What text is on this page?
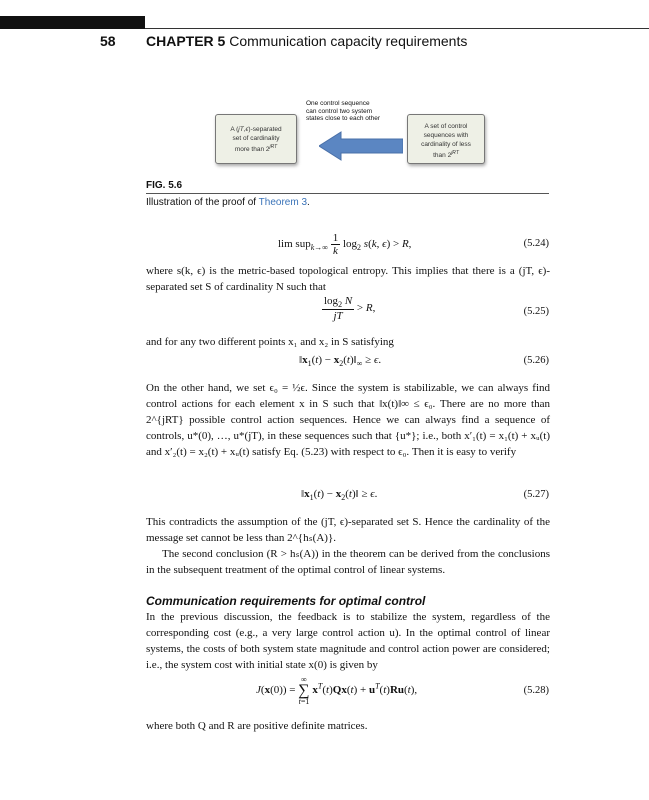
58 CHAPTER 5 Communication capacity requirements
A (jT,ϵ)-separated
set of cardinality
more than $2^{jRT}$
One control sequence
can control two system
states close to each other
A set of control
sequences with
cardinality of less
than $2^{jRT}$
FIG. 5.6
Illustration of the proof of Theorem 3.
$\lim sup_{k\to\infty} \frac{1}{k} \log_2 s(k$, ϵ) > R,	(5.24)
where s(k, ϵ) is the metric-based topological entropy. This implies that there is a (jT, ϵ)-separated set S of cardinality N such that
$\frac{\log_2 N}{jT} > R$,	(5.25)
and for any two different points x₁ and x₂ in S satisfying
$‖x_1(t)$ − $x_2(t)‖_\infty \ge \epsilon$.	(5.26)
On the other hand, we set ϵ₀ = ½ϵ. Since the system is stabilizable, we can always find control actions for each element x in S such that ‖x(t)‖∞ ≤ ϵ₀. There are no more than 2^{jRT} possible control action sequences. Hence we can always find a sequence of controls, u*(0), …, u*(jT), in these sequences such that {u*}; i.e., both x′₁(t) = x₁(t) + xᵤ(t) and x′₂(t) = x₂(t) + xᵤ(t) satisfy Eq. (5.23) with respect to ϵ₀. Then it is easy to verify
$‖x_1(t)$ − $x_2(t)‖ \ge \epsilon$.	(5.27)
This contradicts the assumption of the (jT, ϵ)-separated set S. Hence the cardinality of the message set cannot be less than 2^{hₛ(A)}.
The second conclusion (R > hₛ(A)) in the theorem can be derived from the conclusions in the subsequent treatment of the optimal control of linear systems.
Communication requirements for optimal control
In the previous discussion, the feedback is to stabilize the system, regardless of the corresponding cost (e.g., a very large control action u). In the optimal control of linear systems, the costs of both system state magnitude and control action power are considered; i.e., the system cost with initial state x(0) is given by
J(x(0)) =
∞
∑
t=1
$x^T(t)Qx(t) + u^T(t)Ru(t)$,	(5.28)
where both Q and R are positive definite matrices.
